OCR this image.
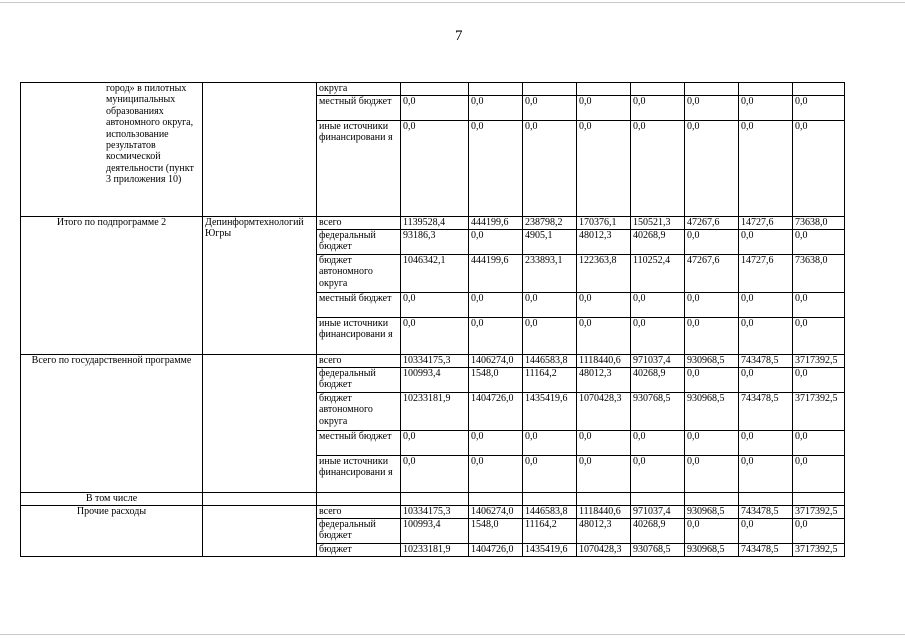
7
город» в пилотных муниципальных образованиях автономного округа, использование результатов космической деятельности (пункт 3 приложения 10)		округа								
		местный бюджет	0,0	0,0	0,0	0,0	0,0	0,0	0,0	0,0
		иные источники финансировани я	0,0	0,0	0,0	0,0	0,0	0,0	0,0	0,0
Итого по подпрограмме 2	Депинформтехнологий Югры	всего	1139528,4	444199,6	238798,2	170376,1	150521,3	47267,6	14727,6	73638,0
		федеральный бюджет	93186,3	0,0	4905,1	48012,3	40268,9	0,0	0,0	0,0
		бюджет автономного округа	1046342,1	444199,6	233893,1	122363,8	110252,4	47267,6	14727,6	73638,0
		местный бюджет	0,0	0,0	0,0	0,0	0,0	0,0	0,0	0,0
		иные источники финансировани я	0,0	0,0	0,0	0,0	0,0	0,0	0,0	0,0
Всего по государственной программе		всего	10334175,3	1406274,0	1446583,8	1118440,6	971037,4	930968,5	743478,5	3717392,5
		федеральный бюджет	100993,4	1548,0	11164,2	48012,3	40268,9	0,0	0,0	0,0
		бюджет автономного округа	10233181,9	1404726,0	1435419,6	1070428,3	930768,5	930968,5	743478,5	3717392,5
		местный бюджет	0,0	0,0	0,0	0,0	0,0	0,0	0,0	0,0
		иные источники финансировани я	0,0	0,0	0,0	0,0	0,0	0,0	0,0	0,0
В том числе										
Прочие расходы		всего	10334175,3	1406274,0	1446583,8	1118440,6	971037,4	930968,5	743478,5	3717392,5
		федеральный бюджет	100993,4	1548,0	11164,2	48012,3	40268,9	0,0	0,0	0,0
		бюджет	10233181,9	1404726,0	1435419,6	1070428,3	930768,5	930968,5	743478,5	3717392,5
